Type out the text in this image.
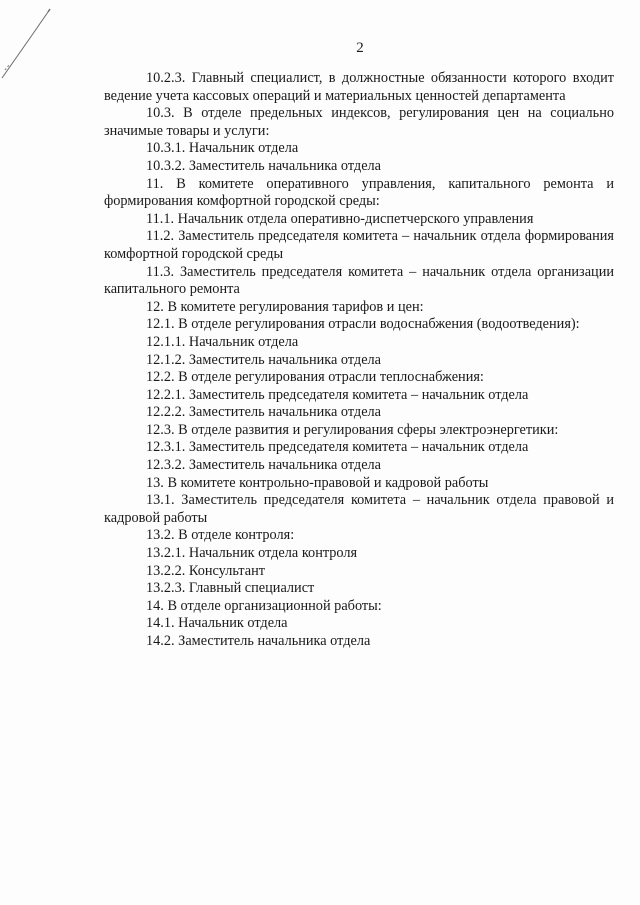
2

10.2.3. Главный специалист, в должностные обязанности которого входит ведение учета кассовых операций и материальных ценностей департамента

10.3. В отделе предельных индексов, регулирования цен на социально значимые товары и услуги:

10.3.1. Начальник отдела

10.3.2. Заместитель начальника отдела

11. В комитете оперативного управления, капитального ремонта и формирования комфортной городской среды:

11.1. Начальник отдела оперативно-диспетчерского управления

11.2. Заместитель председателя комитета – начальник отдела формирования комфортной городской среды

11.3. Заместитель председателя комитета – начальник отдела организации капитального ремонта

12. В комитете регулирования тарифов и цен:

12.1. В отделе регулирования отрасли водоснабжения (водоотведения):

12.1.1. Начальник отдела

12.1.2. Заместитель начальника отдела

12.2. В отделе регулирования отрасли теплоснабжения:

12.2.1. Заместитель председателя комитета – начальник отдела

12.2.2. Заместитель начальника отдела

12.3. В отделе развития и регулирования сферы электроэнергетики:

12.3.1. Заместитель председателя комитета – начальник отдела

12.3.2. Заместитель начальника отдела

13. В комитете контрольно-правовой и кадровой работы

13.1. Заместитель председателя комитета – начальник отдела правовой и кадровой работы

13.2. В отделе контроля:

13.2.1. Начальник отдела контроля

13.2.2. Консультант

13.2.3. Главный специалист

14. В отделе организационной работы:

14.1. Начальник отдела

14.2. Заместитель начальника отдела
